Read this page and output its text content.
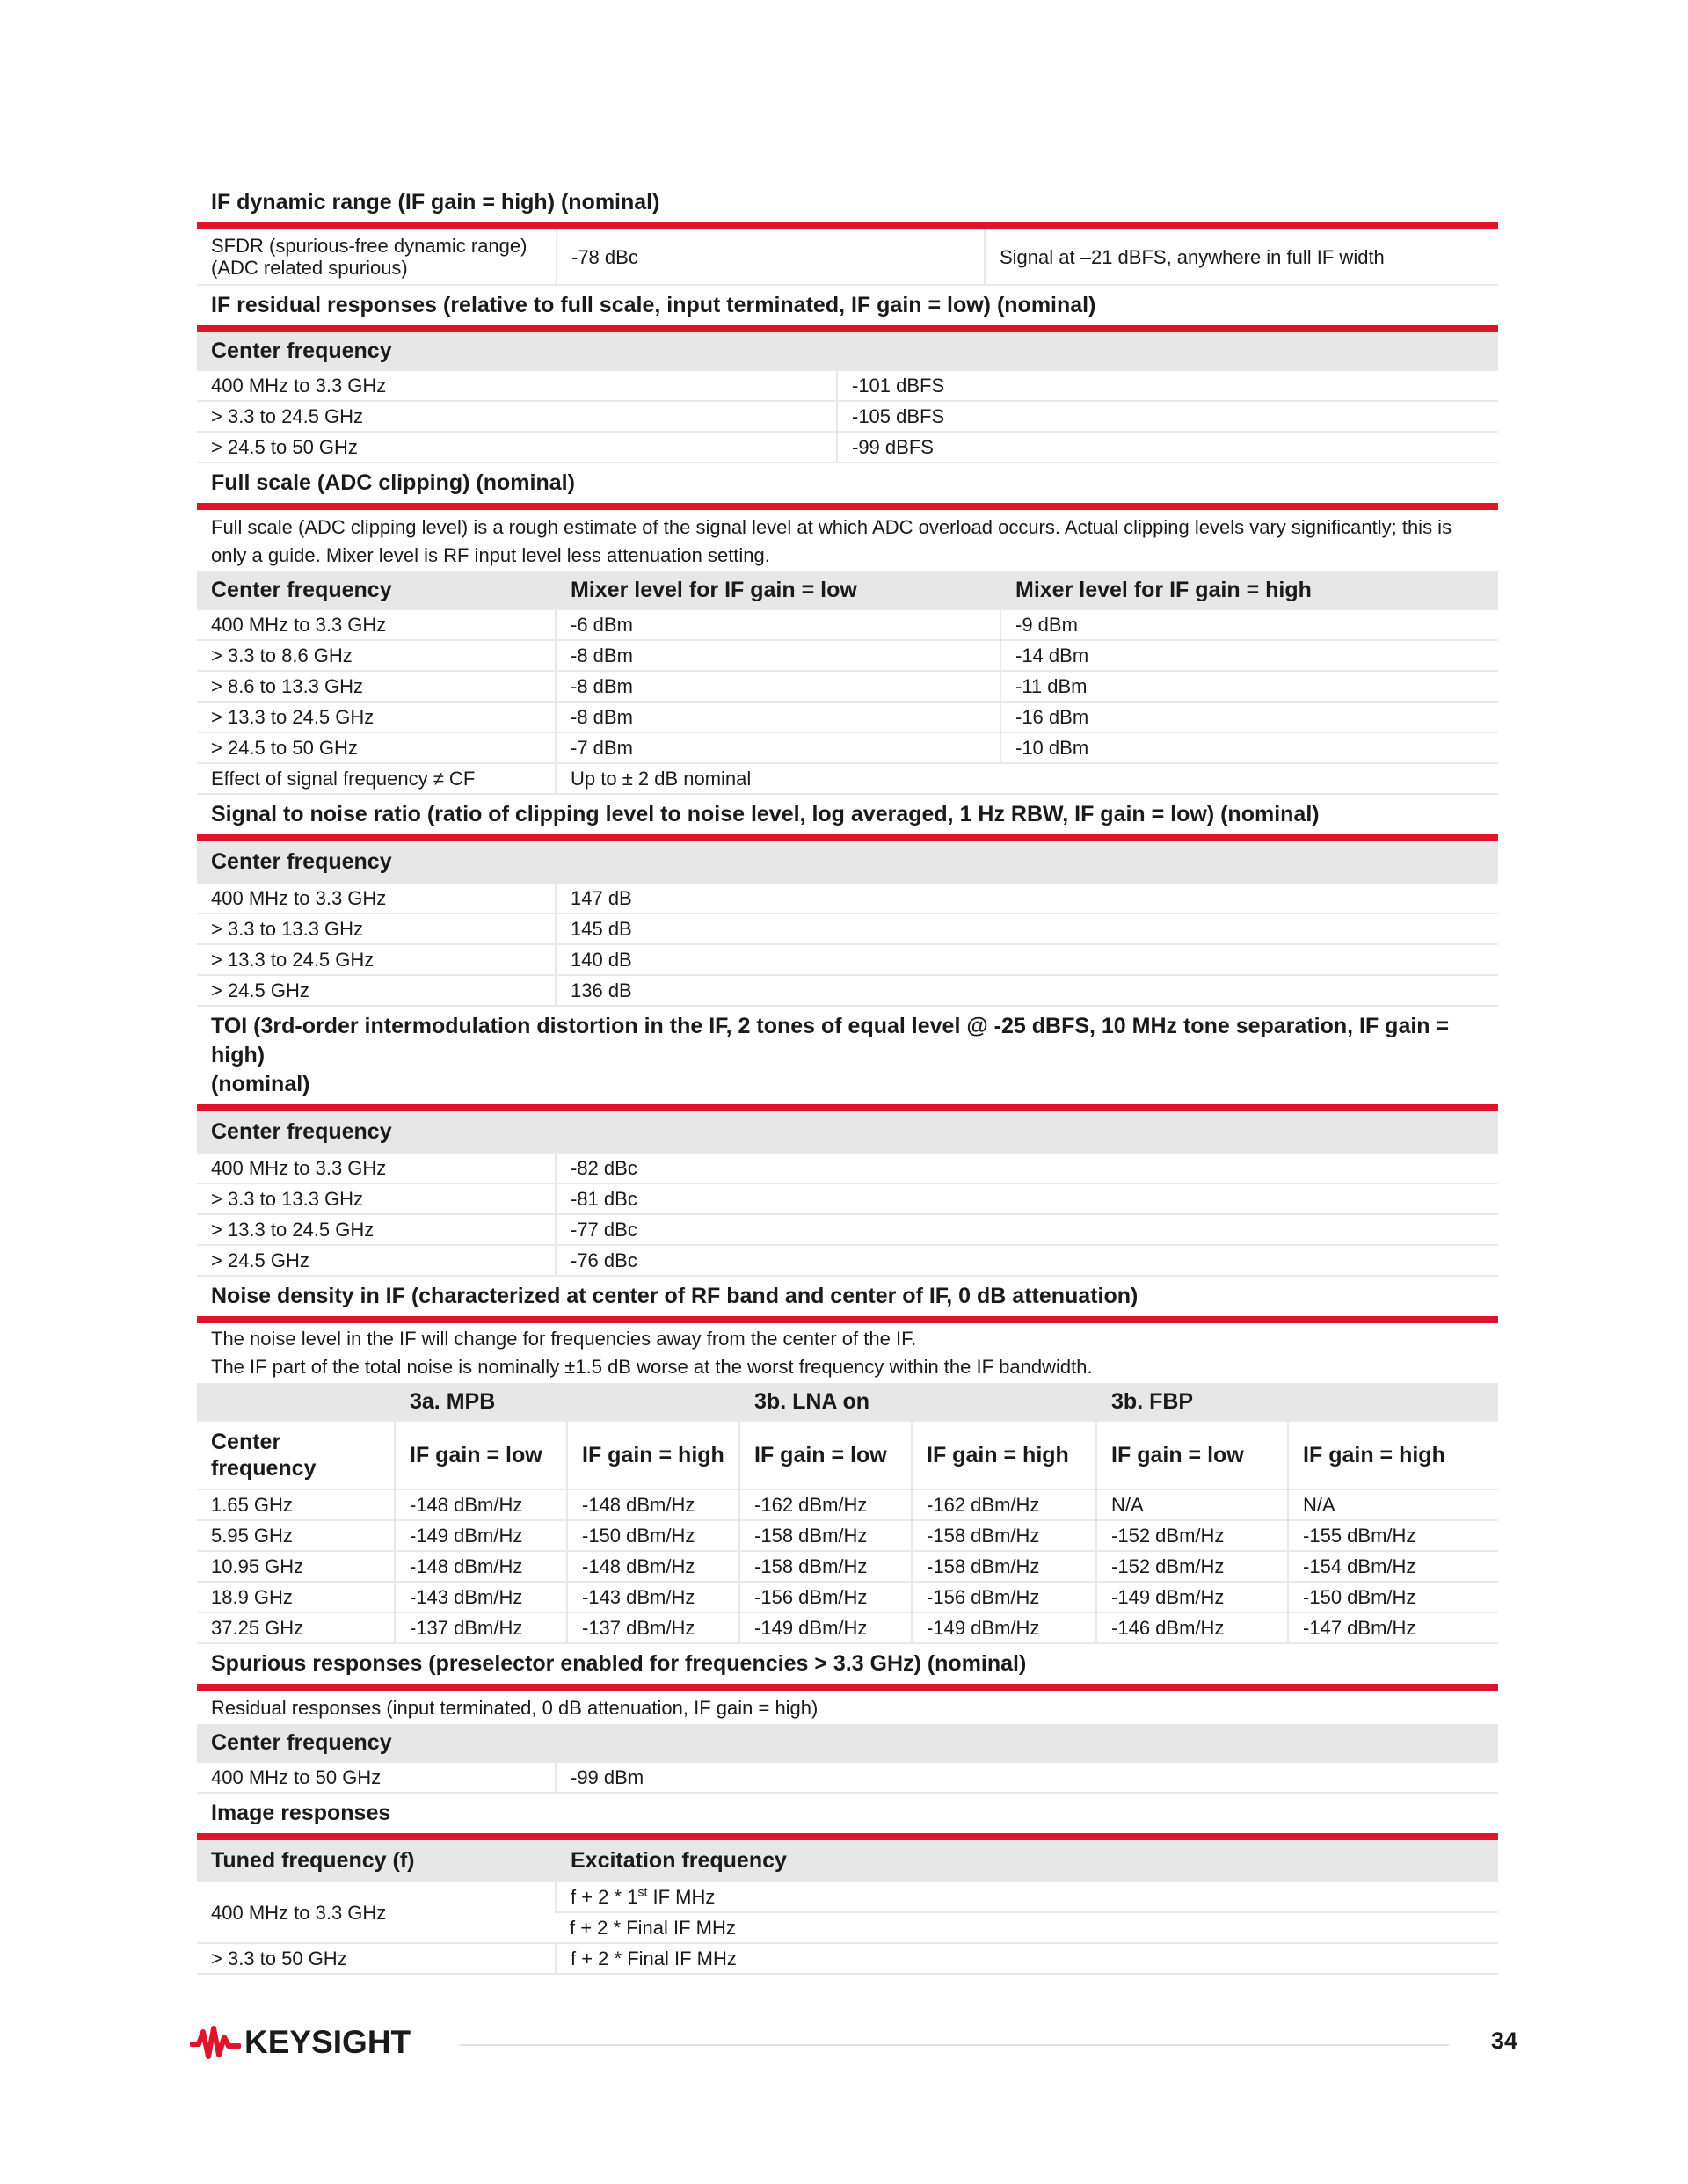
IF dynamic range (IF gain = high) (nominal)
SFDR (spurious-free dynamic range)
(ADC related spurious)	-78 dBc	Signal at –21 dBFS, anywhere in full IF width
IF residual responses (relative to full scale, input terminated, IF gain = low) (nominal)
Center frequency	
400 MHz to 3.3 GHz	-101 dBFS
> 3.3 to 24.5 GHz	-105 dBFS
> 24.5 to 50 GHz	-99 dBFS
Full scale (ADC clipping) (nominal)
Full scale (ADC clipping level) is a rough estimate of the signal level at which ADC overload occurs. Actual clipping levels vary significantly; this is only a guide. Mixer level is RF input level less attenuation setting.
Center frequency	Mixer level for IF gain = low	Mixer level for IF gain = high
400 MHz to 3.3 GHz	-6 dBm	-9 dBm
> 3.3 to 8.6 GHz	-8 dBm	-14 dBm
> 8.6 to 13.3 GHz	-8 dBm	-11 dBm
> 13.3 to 24.5 GHz	-8 dBm	-16 dBm
> 24.5 to 50 GHz	-7 dBm	-10 dBm
Effect of signal frequency ≠ CF	Up to ± 2 dB nominal	
Signal to noise ratio (ratio of clipping level to noise level, log averaged, 1 Hz RBW, IF gain = low) (nominal)
Center frequency	
400 MHz to 3.3 GHz	147 dB
> 3.3 to 13.3 GHz	145 dB
> 13.3 to 24.5 GHz	140 dB
> 24.5 GHz	136 dB
TOI (3rd-order intermodulation distortion in the IF, 2 tones of equal level @ -25 dBFS, 10 MHz tone separation, IF gain = high)
(nominal)
Center frequency	
400 MHz to 3.3 GHz	-82 dBc
> 3.3 to 13.3 GHz	-81 dBc
> 13.3 to 24.5 GHz	-77 dBc
> 24.5 GHz	-76 dBc
Noise density in IF (characterized at center of RF band and center of IF, 0 dB attenuation)
The noise level in the IF will change for frequencies away from the center of the IF.
The IF part of the total noise is nominally ±1.5 dB worse at the worst frequency within the IF bandwidth.
	3a. MPB		3b. LNA on		3b. FBP	
Center frequency	IF gain = low	IF gain = high	IF gain = low	IF gain = high	IF gain = low	IF gain = high
1.65 GHz	-148 dBm/Hz	-148 dBm/Hz	-162 dBm/Hz	-162 dBm/Hz	N/A	N/A
5.95 GHz	-149 dBm/Hz	-150 dBm/Hz	-158 dBm/Hz	-158 dBm/Hz	-152 dBm/Hz	-155 dBm/Hz
10.95 GHz	-148 dBm/Hz	-148 dBm/Hz	-158 dBm/Hz	-158 dBm/Hz	-152 dBm/Hz	-154 dBm/Hz
18.9 GHz	-143 dBm/Hz	-143 dBm/Hz	-156 dBm/Hz	-156 dBm/Hz	-149 dBm/Hz	-150 dBm/Hz
37.25 GHz	-137 dBm/Hz	-137 dBm/Hz	-149 dBm/Hz	-149 dBm/Hz	-146 dBm/Hz	-147 dBm/Hz
Spurious responses (preselector enabled for frequencies > 3.3 GHz) (nominal)
Residual responses (input terminated, 0 dB attenuation, IF gain = high)
Center frequency	
400 MHz to 50 GHz	-99 dBm
Image responses
Tuned frequency (f)	Excitation frequency
400 MHz to 3.3 GHz	f + 2 * 1st IF MHz
	f + 2 * Final IF MHz
> 3.3 to 50 GHz	f + 2 * Final IF MHz
KEYSIGHT	34
